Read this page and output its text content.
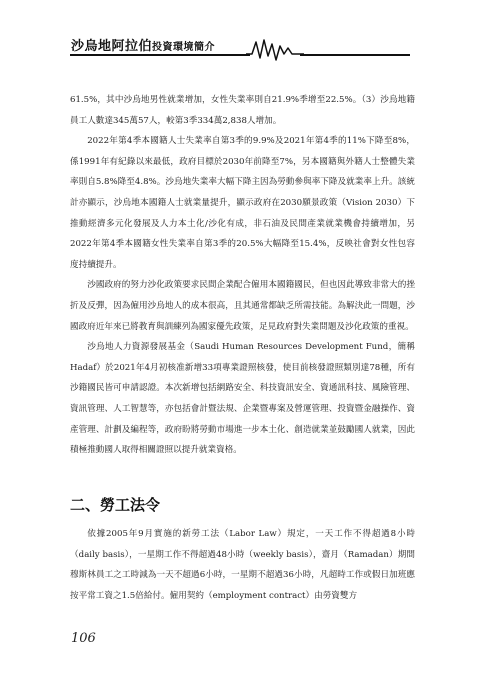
沙烏地阿拉伯投資環境簡介

61.5%，其中沙烏地男性就業增加，女性失業率則自21.9%季增至22.5%。（3）沙烏地籍員工人數達345萬57人，較第3季334萬2,838人增加。

2022年第4季本國籍人士失業率自第3季的9.9%及2021年第4季的11%下降至8%，係1991年有紀錄以來最低，政府目標於2030年前降至7%，另本國籍與外籍人士整體失業率則自5.8%降至4.8%。沙烏地失業率大幅下降主因為勞動參與率下降及就業率上升。該統計亦顯示，沙烏地本國籍人士就業量提升，顯示政府在2030願景政策（Vision 2030）下推動經濟多元化發展及人力本土化/沙化有成，非石油及民間產業就業機會持續增加，另2022年第4季本國籍女性失業率自第3季的20.5%大幅降至15.4%，反映社會對女性包容度持續提升。

沙國政府的努力沙化政策要求民間企業配合僱用本國籍國民，但也因此導致非常大的挫折及反彈，因為僱用沙烏地人的成本很高，且其通常都缺乏所需技能。為解決此一問題，沙國政府近年來已將教育與訓練列為國家優先政策，足見政府對失業問題及沙化政策的重視。

沙烏地人力資源發展基金（Saudi Human Resources Development Fund，簡稱Hadaf）於2021年4月初核准新增33項專業證照核發，使目前核發證照類別達78種，所有沙籍國民皆可申請認證。本次新增包括網路安全、科技資訊安全、資通訊科技、風險管理、資訊管理、人工智慧等，亦包括會計暨法規、企業暨專案及營運管理、投資暨金融操作、資產管理、計劃及編程等，政府盼將勞動市場進一步本土化、創造就業並鼓勵國人就業，因此積極推動國人取得相關證照以提升就業資格。

二、勞工法令

依據2005年9月實施的新勞工法（Labor Law）規定，一天工作不得超過8小時（daily basis），一星期工作不得超過48小時（weekly basis），齋月（Ramadan）期間穆斯林員工之工時減為一天不超過6小時，一星期不超過36小時，凡超時工作或假日加班應按平常工資之1.5倍給付。僱用契約（employment contract）由勞資雙方

106
